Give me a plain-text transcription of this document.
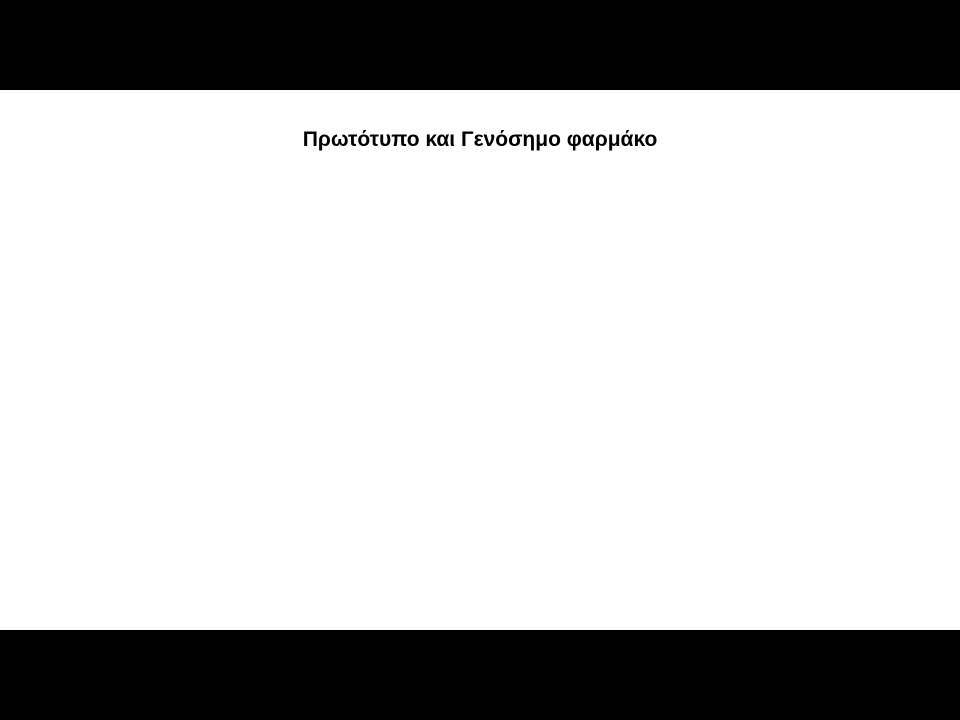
Πρωτότυπο και Γενόσημο φαρμάκο
